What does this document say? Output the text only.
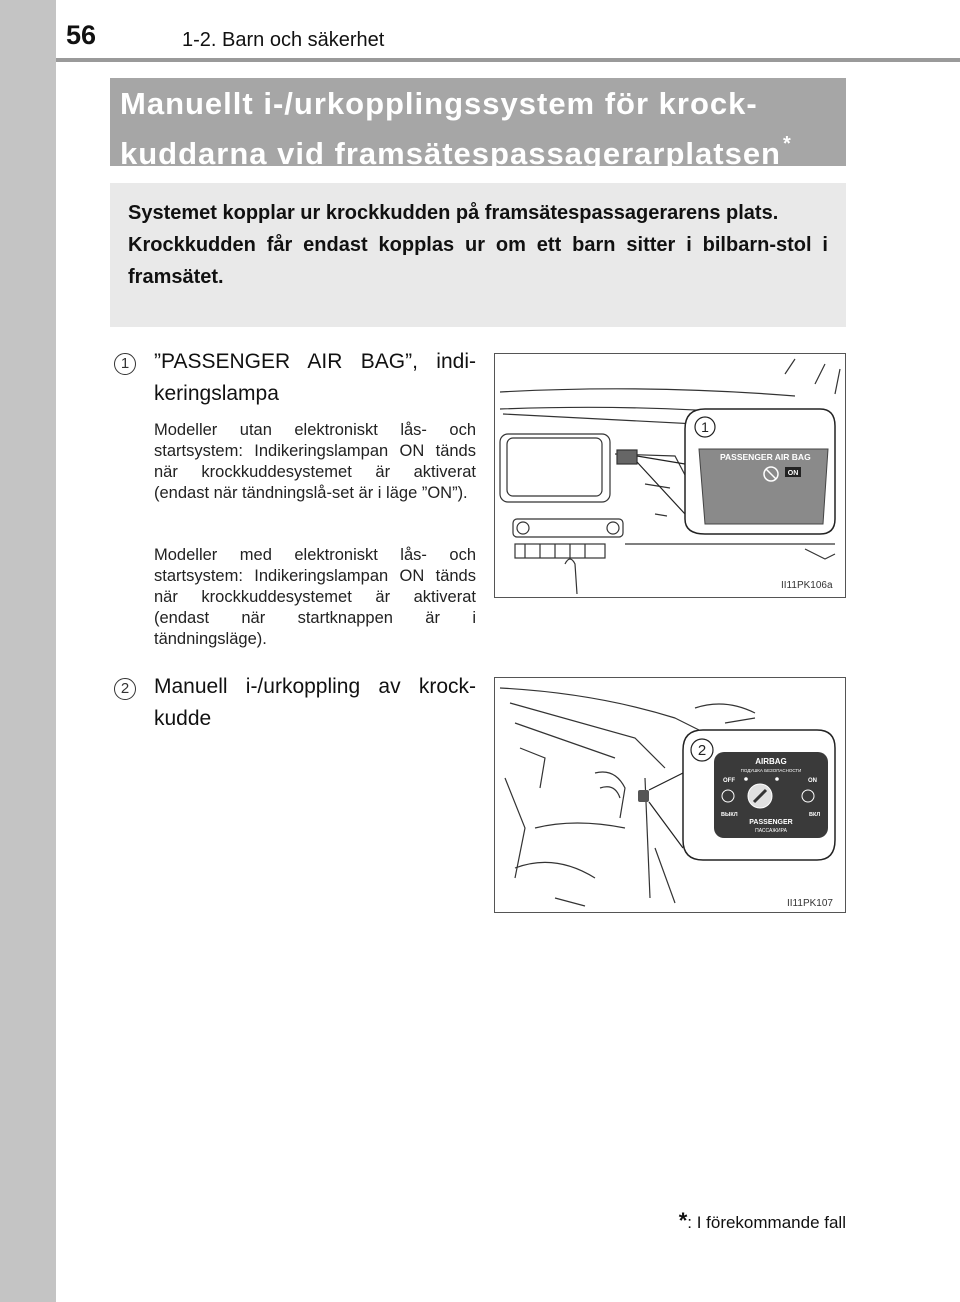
56	1-2. Barn och säkerhet
Manuellt i-/urkopplingssystem för krock-
kuddarna vid framsätespassagerarplatsen *

Systemet kopplar ur krockkudden på framsätespassagerarens plats.

Krockkudden får endast kopplas ur om ett barn sitter i bilbarn-stol i framsätet.

1	”PASSENGER AIR BAG”, indi-keringslampa

Modeller utan elektroniskt lås- och startsystem: Indikeringslampan ON tänds när krockkuddesystemet är aktiverat (endast när tändningslå-set är i läge ”ON”).

Modeller med elektroniskt lås- och startsystem: Indikeringslampan ON tänds när krockkuddesystemet är aktiverat (endast när startknappen är i tändningsläge).

2	Manuell i-/urkoppling av krock-kudde
1
PASSENGER AIR BAG
ON
II11PK106a
2
AIRBAG
ПОДУШКА БЕЗОПАСНОСТИ
OFF	ON
ВЫКЛ	ВКЛ
PASSENGER
ПАССАЖИРА
II11PK107
*: I förekommande fall
